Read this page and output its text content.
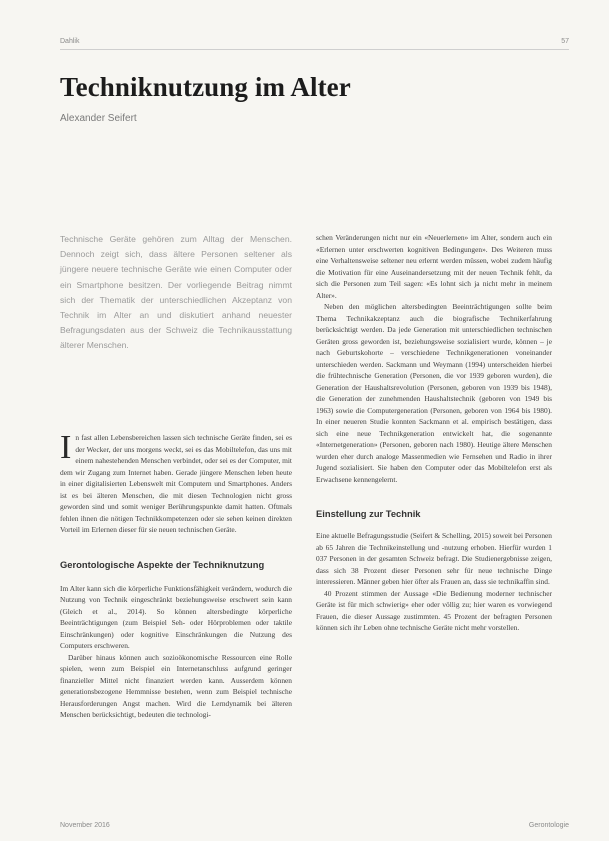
Dahlik	57
Techniknutzung im Alter
Alexander Seifert

Technische Geräte gehören zum Alltag der Menschen. Dennoch zeigt sich, dass ältere Personen seltener als jüngere neuere technische Geräte wie einen Computer oder ein Smartphone besitzen. Der vorliegende Beitrag nimmt sich der Thematik der unterschiedlichen Akzeptanz von Technik im Alter an und diskutiert anhand neuester Befragungsdaten aus der Schweiz die Technikausstattung älterer Menschen.

In fast allen Lebensbereichen lassen sich technische Geräte finden, sei es der Wecker, der uns morgens weckt, sei es das Mobiltelefon, das uns mit einem nahestehenden Menschen verbindet, oder sei es der Computer, mit dem wir Zugang zum Internet haben. Gerade jüngere Menschen leben heute in einer digitalisierten Lebenswelt mit Computern und Smartphones. Anders ist es bei älteren Menschen, die mit diesen Technologien nicht gross geworden sind und somit weniger Berührungspunkte damit hatten. Oftmals fehlen ihnen die nötigen Technikkompetenzen oder sie sehen keinen direkten Vorteil im Erlernen dieser für sie neuen technischen Geräte.

Gerontologische Aspekte der Techniknutzung

Im Alter kann sich die körperliche Funktionsfähigkeit verändern, wodurch die Nutzung von Technik eingeschränkt beziehungsweise erschwert sein kann (Gleich et al., 2014). So können altersbedingte körperliche Beeinträchtigungen (zum Beispiel Seh- oder Hörproblemen oder taktile Einschränkungen) oder kognitive Einschränkungen die Nutzung des Computers erschweren.

Darüber hinaus können auch sozioökonomische Ressourcen eine Rolle spielen, wenn zum Beispiel ein Internetanschluss aufgrund geringer finanzieller Mittel nicht finanziert werden kann. Ausserdem können generationsbezogene Hemmnisse bestehen, wenn zum Beispiel technische Herausforderungen Angst machen. Wird die Lerndynamik bei älteren Menschen berücksichtigt, bedeuten die technologi-

schen Veränderungen nicht nur ein «Neuerlernen» im Alter, sondern auch ein «Erlernen unter erschwerten kognitiven Bedingungen». Des Weiteren muss eine Verhaltensweise seltener neu erlernt werden müssen, wobei zudem häufig die Motivation für eine Auseinandersetzung mit der neuen Technik fehlt, da sich die Personen zum Teil sagen: «Es lohnt sich ja nicht mehr in meinem Alter».

Neben den möglichen altersbedingten Beeinträchtigungen sollte beim Thema Technikakzeptanz auch die biografische Technikerfahrung berücksichtigt werden. Da jede Generation mit unterschiedlichen technischen Geräten gross geworden ist, beziehungsweise sozialisiert wurde, können – je nach Geburtskohorte – verschiedene Technikgenerationen voneinander unterschieden werden. Sackmann und Weymann (1994) unterscheiden hierbei die frühtechnische Generation (Personen, die vor 1939 geboren wurden), die Generation der Haushaltsrevolution (Personen, geboren von 1939 bis 1948), die Generation der zunehmenden Haushaltstechnik (geboren von 1949 bis 1963) sowie die Computergeneration (Personen, geboren von 1964 bis 1980). In einer neueren Studie konnten Sackmann et al. empirisch bestätigen, dass sich eine neue Technikgeneration entwickelt hat, die sogenannte «Internetgeneration» (Personen, geboren nach 1980). Heutige ältere Menschen wurden eher durch analoge Massenmedien wie Fernsehen und Radio in ihrer Jugend sozialisiert. Sie haben den Computer oder das Mobiltelefon erst als Erwachsene kennengelernt.

Einstellung zur Technik

Eine aktuelle Befragungsstudie (Seifert & Schelling, 2015) soweit bei Personen ab 65 Jahren die Technikeinstellung und -nutzung erhoben. Hierfür wurden 1 037 Personen in der gesamten Schweiz befragt. Die Studienergebnisse zeigen, dass sich 38 Prozent dieser Personen sehr für neue technische Dinge interessieren. Männer geben hier öfter als Frauen an, dass sie technikaffin sind.

40 Prozent stimmen der Aussage «Die Bedienung moderner technischer Geräte ist für mich schwierig» eher oder völlig zu; hier waren es vorwiegend Frauen, die dieser Aussage zustimmten. 45 Prozent der befragten Personen können sich ihr Leben ohne technische Geräte nicht mehr vorstellen.

November 2016	Gerontologie
